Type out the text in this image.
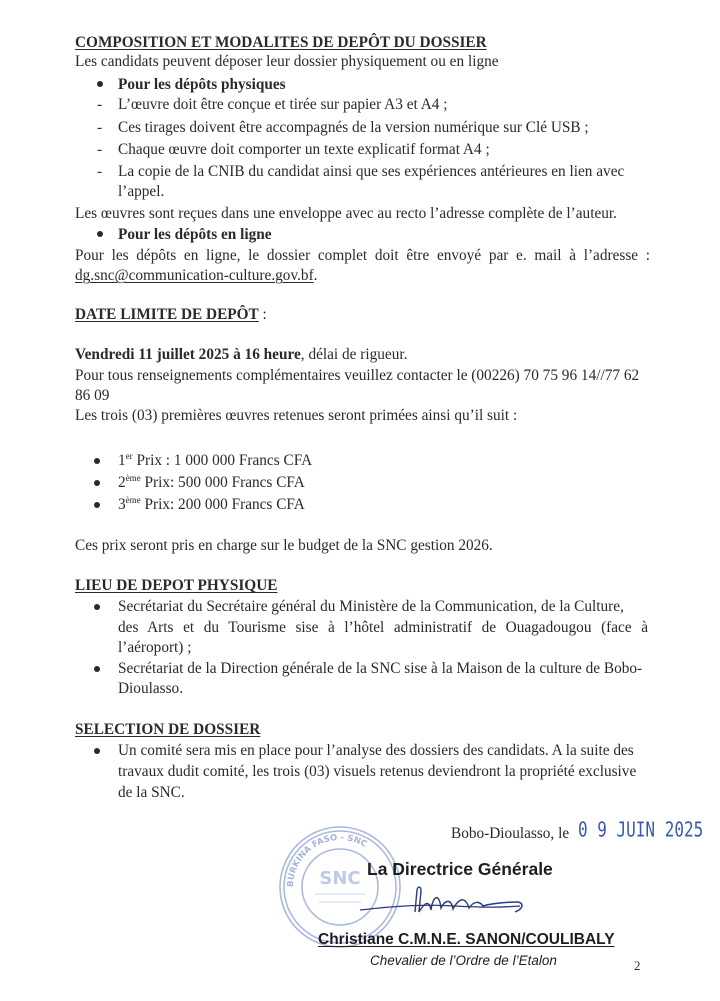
COMPOSITION ET MODALITES DE DEPÔT DU DOSSIER
Les candidats peuvent déposer leur dossier physiquement ou en ligne
Pour les dépôts physiques
- L’œuvre doit être conçue et tirée sur papier A3 et A4 ;
- Ces tirages doivent être accompagnés de la version numérique sur Clé USB ;
- Chaque œuvre doit comporter un texte explicatif format A4 ;
- La copie de la CNIB du candidat ainsi que ses expériences antérieures en lien avec
l’appel.
Les œuvres sont reçues dans une enveloppe avec au recto l’adresse complète de l’auteur.
Pour les dépôts en ligne
Pour les dépôts en ligne, le dossier complet doit être envoyé par e. mail à l’adresse :
dg.snc@communication-culture.gov.bf.
DATE LIMITE DE DEPÔT :
Vendredi 11 juillet 2025 à 16 heure, délai de rigueur.
Pour tous renseignements complémentaires veuillez contacter le (00226) 70 75 96 14//77 62
86 09
Les trois (03) premières œuvres retenues seront primées ainsi qu’il suit :
1er Prix : 1 000 000 Francs CFA
2ème Prix: 500 000 Francs CFA
3ème Prix: 200 000 Francs CFA
Ces prix seront pris en charge sur le budget de la SNC gestion 2026.
LIEU DE DEPOT PHYSIQUE
Secrétariat du Secrétaire général du Ministère de la Communication, de la Culture,
des Arts et du Tourisme sise à l’hôtel administratif de Ouagadougou (face à
l’aéroport) ;
Secrétariat de la Direction générale de la SNC sise à la Maison de la culture de Bobo-
Dioulasso.
SELECTION DE DOSSIER
Un comité sera mis en place pour l’analyse des dossiers des candidats. A la suite des
travaux dudit comité, les trois (03) visuels retenus deviendront la propriété exclusive
de la SNC.
Bobo-Dioulasso, le 0 9 JUIN 2025
BURKINA FASO - SNC
SNC La Directrice Générale
Christiane C.M.N.E. SANON/COULIBALY
Chevalier de l’Ordre de l’Etalon	2
